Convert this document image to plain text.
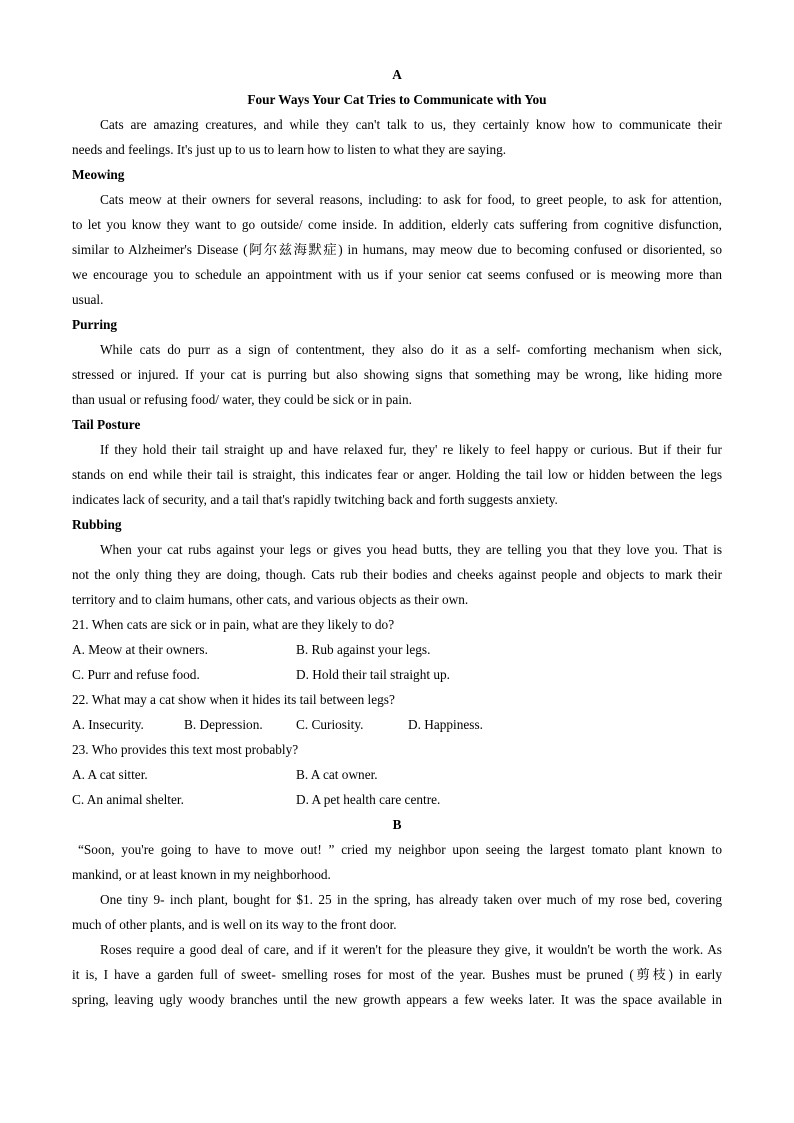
A
Four Ways Your Cat Tries to Communicate with You
Cats are amazing creatures, and while they can't talk to us, they certainly know how to communicate their
needs and feelings. It's just up to us to learn how to listen to what they are saying.
Meowing
Cats meow at their owners for several reasons, including: to ask for food, to greet people, to ask for attention,
to let you know they want to go outside/ come inside. In addition, elderly cats suffering from cognitive disfunction,
similar to Alzheimer's Disease (阿尔兹海默症) in humans, may meow due to becoming confused or disoriented, so
we encourage you to schedule an appointment with us if your senior cat seems confused or is meowing more than
usual.
Purring
While cats do purr as a sign of contentment, they also do it as a self- comforting mechanism when sick,
stressed or injured. If your cat is purring but also showing signs that something may be wrong, like hiding more
than usual or refusing food/ water, they could be sick or in pain.
Tail Posture
If they hold their tail straight up and have relaxed fur, they' re likely to feel happy or curious. But if their fur
stands on end while their tail is straight, this indicates fear or anger. Holding the tail low or hidden between the legs
indicates lack of security, and a tail that's rapidly twitching back and forth suggests anxiety.
Rubbing
When your cat rubs against your legs or gives you head butts, they are telling you that they love you. That is
not the only thing they are doing, though. Cats rub their bodies and cheeks against people and objects to mark their
territory and to claim humans, other cats, and various objects as their own.
21. When cats are sick or in pain, what are they likely to do?
A. Meow at their owners.	B. Rub against your legs.
C. Purr and refuse food.	D. Hold their tail straight up.
22. What may a cat show when it hides its tail between legs?
A. Insecurity.	B. Depression.	C. Curiosity.	D. Happiness.
23. Who provides this text most probably?
A. A cat sitter.	B. A cat owner.
C. An animal shelter.	D. A pet health care centre.
B
“Soon, you're going to have to move out! ” cried my neighbor upon seeing the largest tomato plant known to
mankind, or at least known in my neighborhood.
One tiny 9- inch plant, bought for $1. 25 in the spring, has already taken over much of my rose bed, covering
much of other plants, and is well on its way to the front door.
Roses require a good deal of care, and if it weren't for the pleasure they give, it wouldn't be worth the work. As
it is, I have a garden full of sweet- smelling roses for most of the year. Bushes must be pruned (剪枝) in early
spring, leaving ugly woody branches until the new growth appears a few weeks later. It was the space available in
